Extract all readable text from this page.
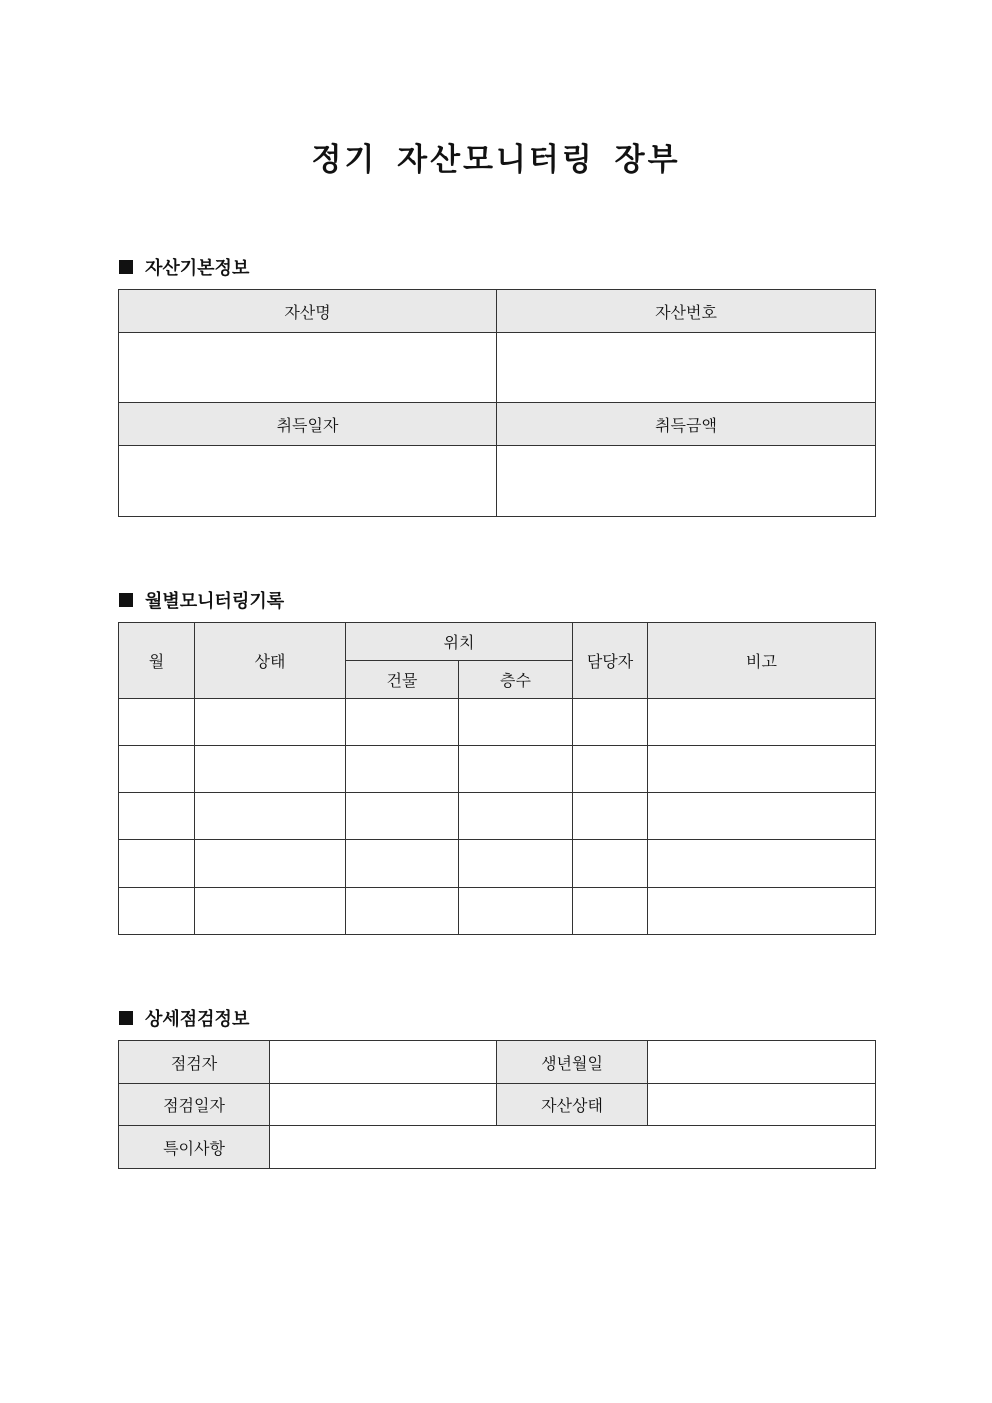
정기 자산모니터링 장부
자산기본정보
자산명	자산번호

취득일자	취득금액

월별모니터링기록
월	상태	위치		담당자	비고
		건물	층수		

상세점검정보
점검자		생년월일	
점검일자		자산상태	
특이사항			
